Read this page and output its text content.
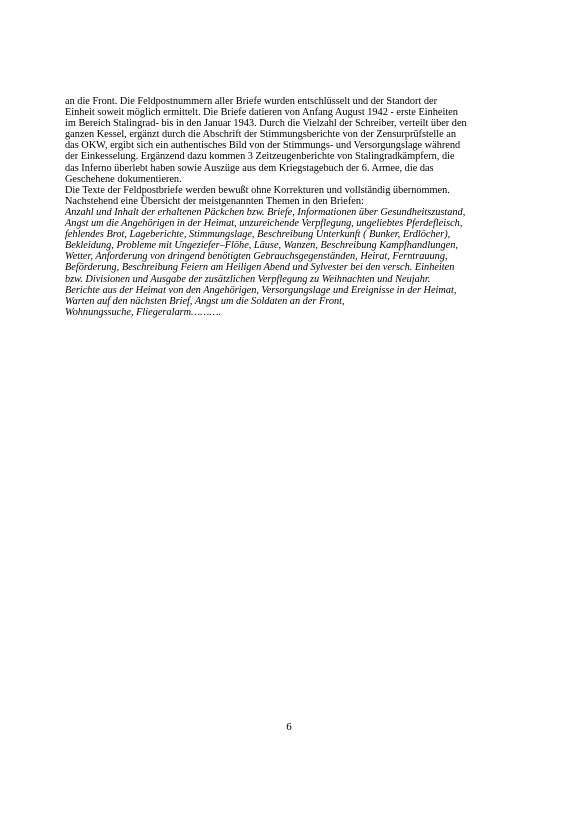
an die Front. Die Feldpostnummern aller Briefe wurden entschlüsselt und der Standort der
Einheit soweit möglich ermittelt. Die Briefe datieren von Anfang August 1942 - erste Einheiten
im Bereich Stalingrad- bis in den Januar 1943. Durch die Vielzahl der Schreiber, verteilt über den
ganzen Kessel, ergänzt durch die Abschrift der Stimmungsberichte von der Zensurprüfstelle an
das OKW, ergibt sich ein authentisches Bild von der Stimmungs- und Versorgungslage während
der Einkesselung. Ergänzend dazu kommen 3 Zeitzeugenberichte von Stalingradkämpfern, die
das Inferno überlebt haben sowie Auszüge aus dem Kriegstagebuch der 6. Armee, die das
Geschehene dokumentieren.
Die Texte der Feldpostbriefe werden bewußt ohne Korrekturen und vollständig übernommen.
Nachstehend eine Übersicht der meistgenannten Themen in den Briefen:
Anzahl und Inhalt der erhaltenen Päckchen bzw. Briefe, Informationen über Gesundheitszustand,
Angst um die Angehörigen in der Heimat, unzureichende Verpflegung, ungeliebtes Pferdefleisch,
fehlendes Brot, Lageberichte, Stimmungslage, Beschreibung Unterkunft ( Bunker, Erdlöcher),
Bekleidung, Probleme mit Ungeziefer–Flöhe, Läuse, Wanzen, Beschreibung Kampfhandlungen,
Wetter, Anforderung von dringend benötigten Gebrauchsgegenständen, Heirat, Ferntrauung,
Beförderung, Beschreibung Feiern am Heiligen Abend und Sylvester bei den versch. Einheiten
bzw. Divisionen und Ausgabe der zusätzlichen Verpflegung zu Weihnachten und Neujahr.
Berichte aus der Heimat von den Angehörigen, Versorgungslage und Ereignisse in der Heimat,
Warten auf den nächsten Brief, Angst um die Soldaten an der Front,
Wohnungssuche, Fliegeralarm……….
6
